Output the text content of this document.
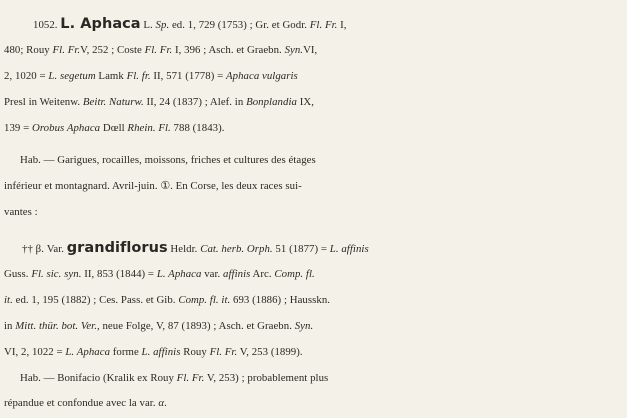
1052. L. Aphaca L. Sp. ed. 1, 729 (1753) ; Gr. et Godr. Fl. Fr. I,
480; Rouy Fl. Fr.V, 252 ; Coste Fl. Fr. I, 396 ; Asch. et Graebn. Syn.VI,
2, 1020 = L. segetum Lamk Fl. fr. II, 571 (1778) = Aphaca vulgaris
Presl in Weitenw. Beitr. Naturw. II, 24 (1837) ; Alef. in Bonplandia IX,
139 = Orobus Aphaca Dœll Rhein. Fl. 788 (1843).
Hab. — Garigues, rocailles, moissons, friches et cultures des étages
inférieur et montagnard. Avril-juin. ①. En Corse, les deux races sui-
vantes :
†† β. Var. grandiflorus Heldr. Cat. herb. Orph. 51 (1877) = L. affinis
Guss. Fl. sic. syn. II, 853 (1844) = L. Aphaca var. affinis Arc. Comp. fl.
it. ed. 1, 195 (1882) ; Ces. Pass. et Gib. Comp. fl. it. 693 (1886) ; Hausskn.
in Mitt. thür. bot. Ver., neue Folge, V, 87 (1893) ; Asch. et Graebn. Syn.
VI, 2, 1022 = L. Aphaca forme L. affinis Rouy Fl. Fr. V, 253 (1899).
Hab. — Bonifacio (Kralik ex Rouy Fl. Fr. V, 253) ; probablement plus
répandue et confondue avec la var. α.
